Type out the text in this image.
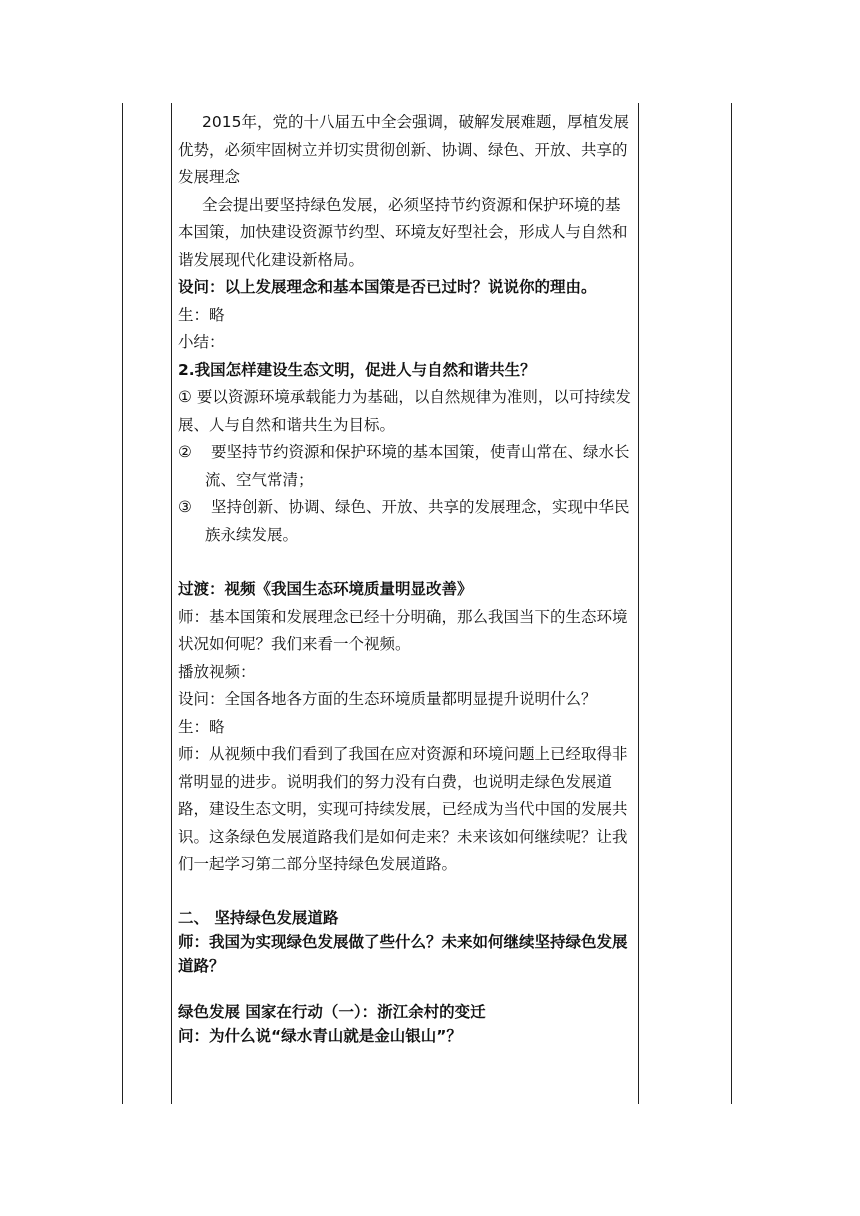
2015年，党的十八届五中全会强调，破解发展难题，厚植发展优势，必须牢固树立并切实贯彻创新、协调、绿色、开放、共享的发展理念
全会提出要坚持绿色发展，必须坚持节约资源和保护环境的基本国策，加快建设资源节约型、环境友好型社会，形成人与自然和谐发展现代化建设新格局。
设问：以上发展理念和基本国策是否已过时？说说你的理由。
生：略
小结：
2.我国怎样建设生态文明，促进人与自然和谐共生？
① 要以资源环境承载能力为基础，以自然规律为准则，以可持续发展、人与自然和谐共生为目标。
②	要坚持节约资源和保护环境的基本国策，使青山常在、绿水长流、空气常清；
③	坚持创新、协调、绿色、开放、共享的发展理念，实现中华民族永续发展。
过渡：视频《我国生态环境质量明显改善》
师：基本国策和发展理念已经十分明确，那么我国当下的生态环境状况如何呢？我们来看一个视频。
播放视频：
设问：全国各地各方面的生态环境质量都明显提升说明什么？
生：略
师：从视频中我们看到了我国在应对资源和环境问题上已经取得非常明显的进步。说明我们的努力没有白费，也说明走绿色发展道路，建设生态文明，实现可持续发展，已经成为当代中国的发展共识。这条绿色发展道路我们是如何走来？未来该如何继续呢？让我们一起学习第二部分坚持绿色发展道路。
二、 坚持绿色发展道路
师：我国为实现绿色发展做了些什么？未来如何继续坚持绿色发展道路？
绿色发展 国家在行动（一）：浙江余村的变迁
问：为什么说“绿水青山就是金山银山”？
